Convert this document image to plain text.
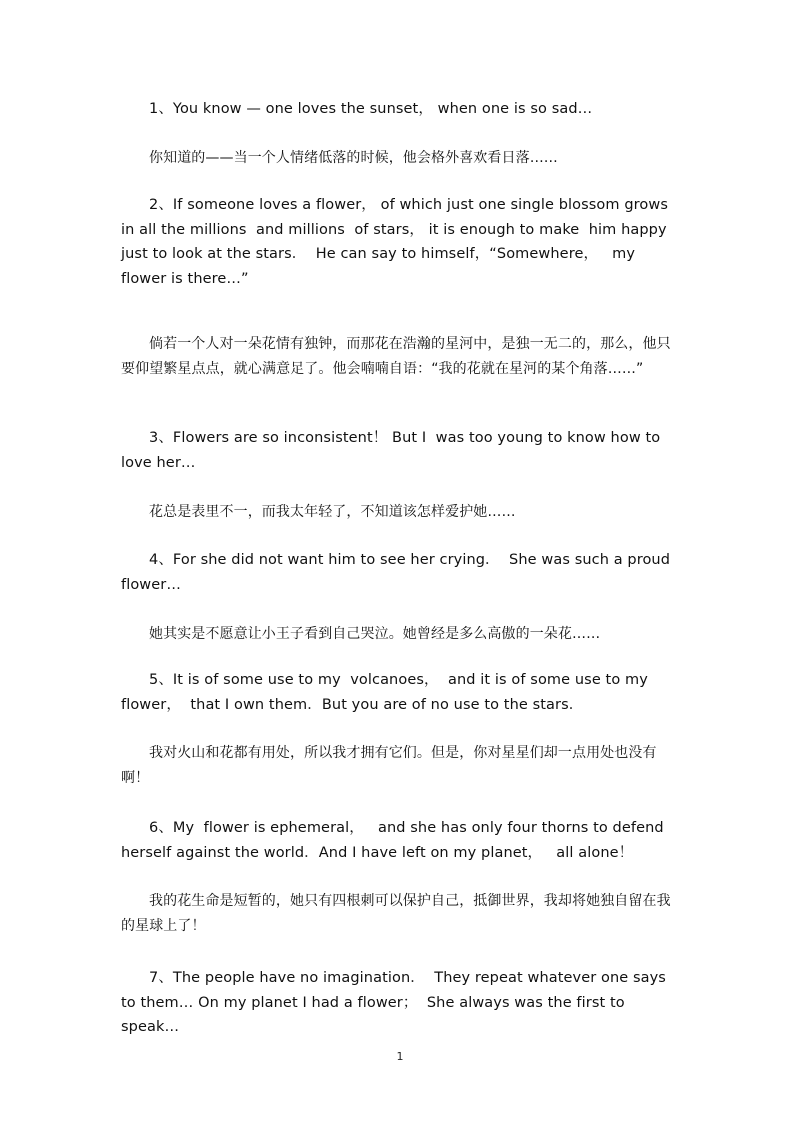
1、You know — one loves the sunset， when one is so sad…

你知道的——当一个人情绪低落的时候，他会格外喜欢看日落……

2、If someone loves a flower， of which just one single blossom grows in all the millions  and millions  of stars， it is enough to make  him happy just to look at the stars．  He can say to himself，“Somewhere，   my flower is there…”

倘若一个人对一朵花情有独钟，而那花在浩瀚的星河中，是独一无二的，那么，他只  要仰望繁星点点，就心满意足了。他会喃喃自语：“我的花就在星河的某个角落……”

3、Flowers are so inconsistent！ But I  was too young to know how to love her…

花总是表里不一，而我太年轻了，不知道该怎样爱护她……

4、For she did not want him to see her crying．  She was such a proud flower…

她其实是不愿意让小王子看到自己哭泣。她曾经是多么高傲的一朵花……

5、It is of some use to my  volcanoes，  and it is of some use to my flower，  that I own them．But you are of no use to the stars．

我对火山和花都有用处，所以我才拥有它们。但是，你对星星们却一点用处也没有  啊！

6、My  flower is ephemeral，   and she has only four thorns to defend herself against the world．And I have left on my planet，   all alone！

我的花生命是短暂的，她只有四根刺可以保护自己，抵御世界，我却将她独自留在我的星球上了！

7、The people have no imagination．  They repeat whatever one says to them… On my planet I had a flower；  She always was the first to speak…

1
